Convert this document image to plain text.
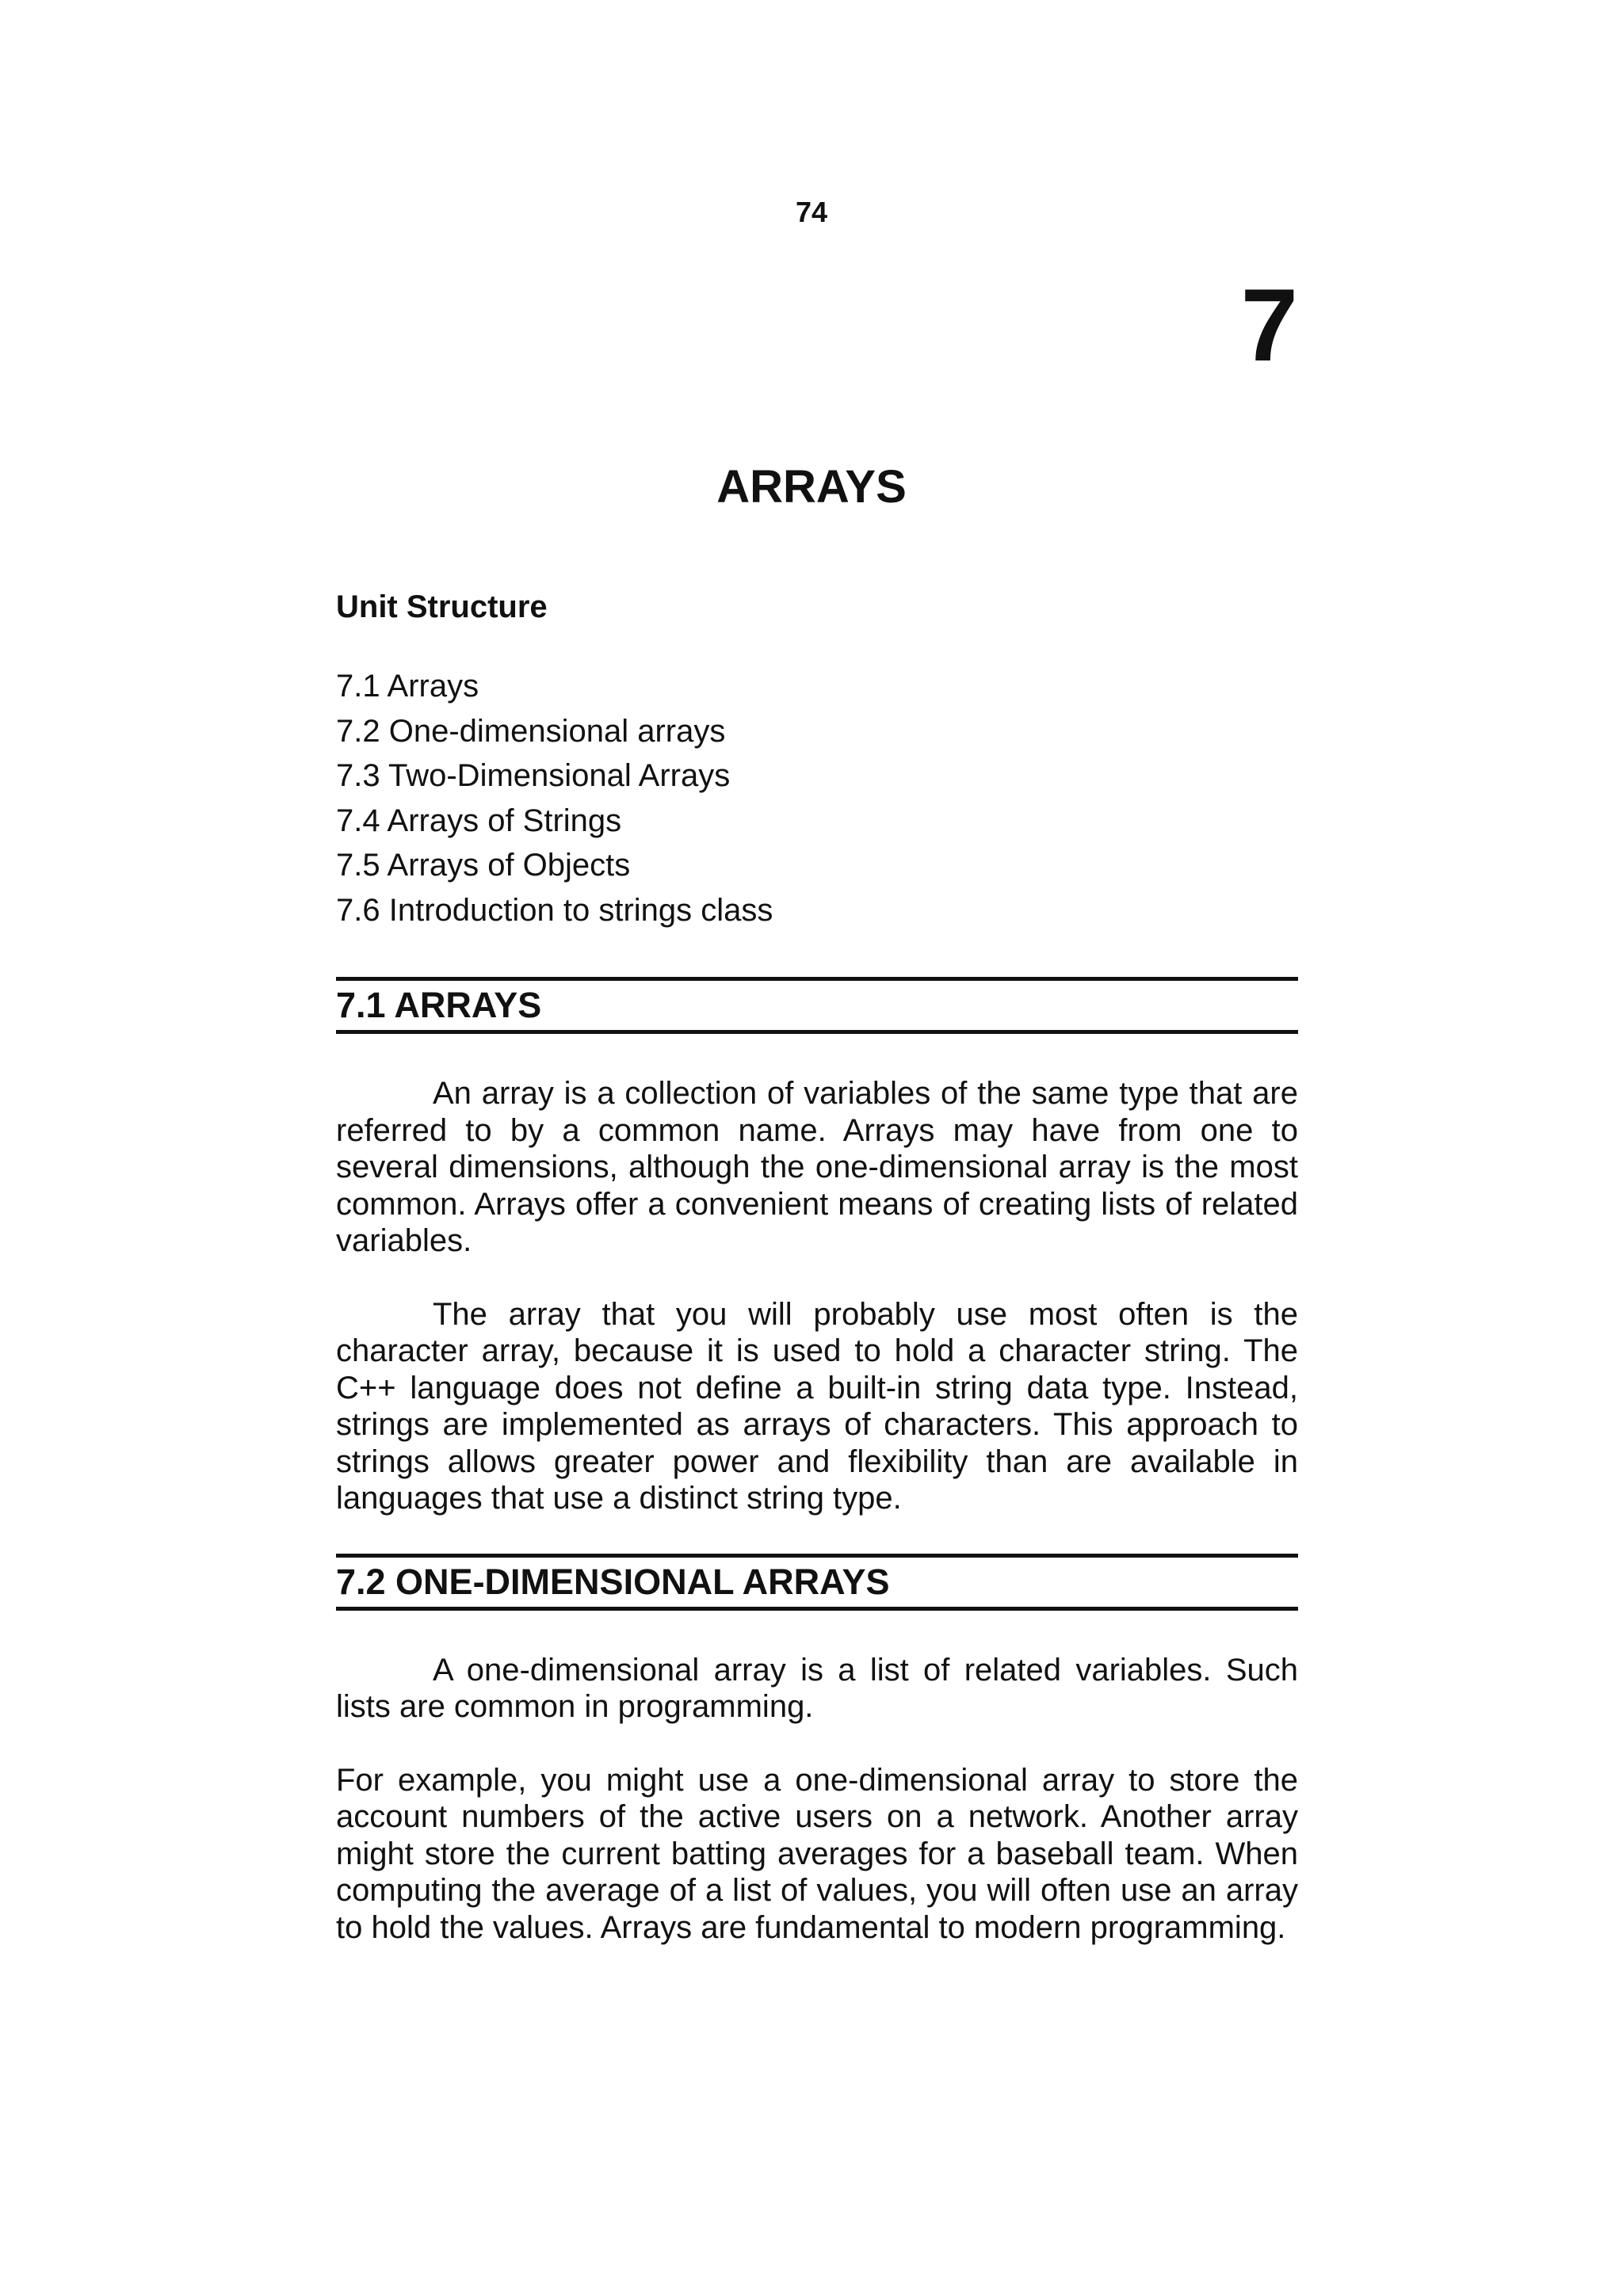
74
7
ARRAYS
Unit Structure
7.1 Arrays
7.2 One-dimensional arrays
7.3 Two-Dimensional Arrays
7.4 Arrays of Strings
7.5 Arrays of Objects
7.6 Introduction to strings class
7.1 ARRAYS

An array is a collection of variables of the same type that are referred to by a common name. Arrays may have from one to several dimensions, although the one-dimensional array is the most common. Arrays offer a convenient means of creating lists of related variables.

The array that you will probably use most often is the character array, because it is used to hold a character string. The C++ language does not define a built-in string data type. Instead, strings are implemented as arrays of characters. This approach to strings allows greater power and flexibility than are available in languages that use a distinct string type.

7.2 ONE-DIMENSIONAL ARRAYS

A one-dimensional array is a list of related variables. Such lists are common in programming.

For example, you might use a one-dimensional array to store the account numbers of the active users on a network. Another array might store the current batting averages for a baseball team. When computing the average of a list of values, you will often use an array to hold the values. Arrays are fundamental to modern programming.
